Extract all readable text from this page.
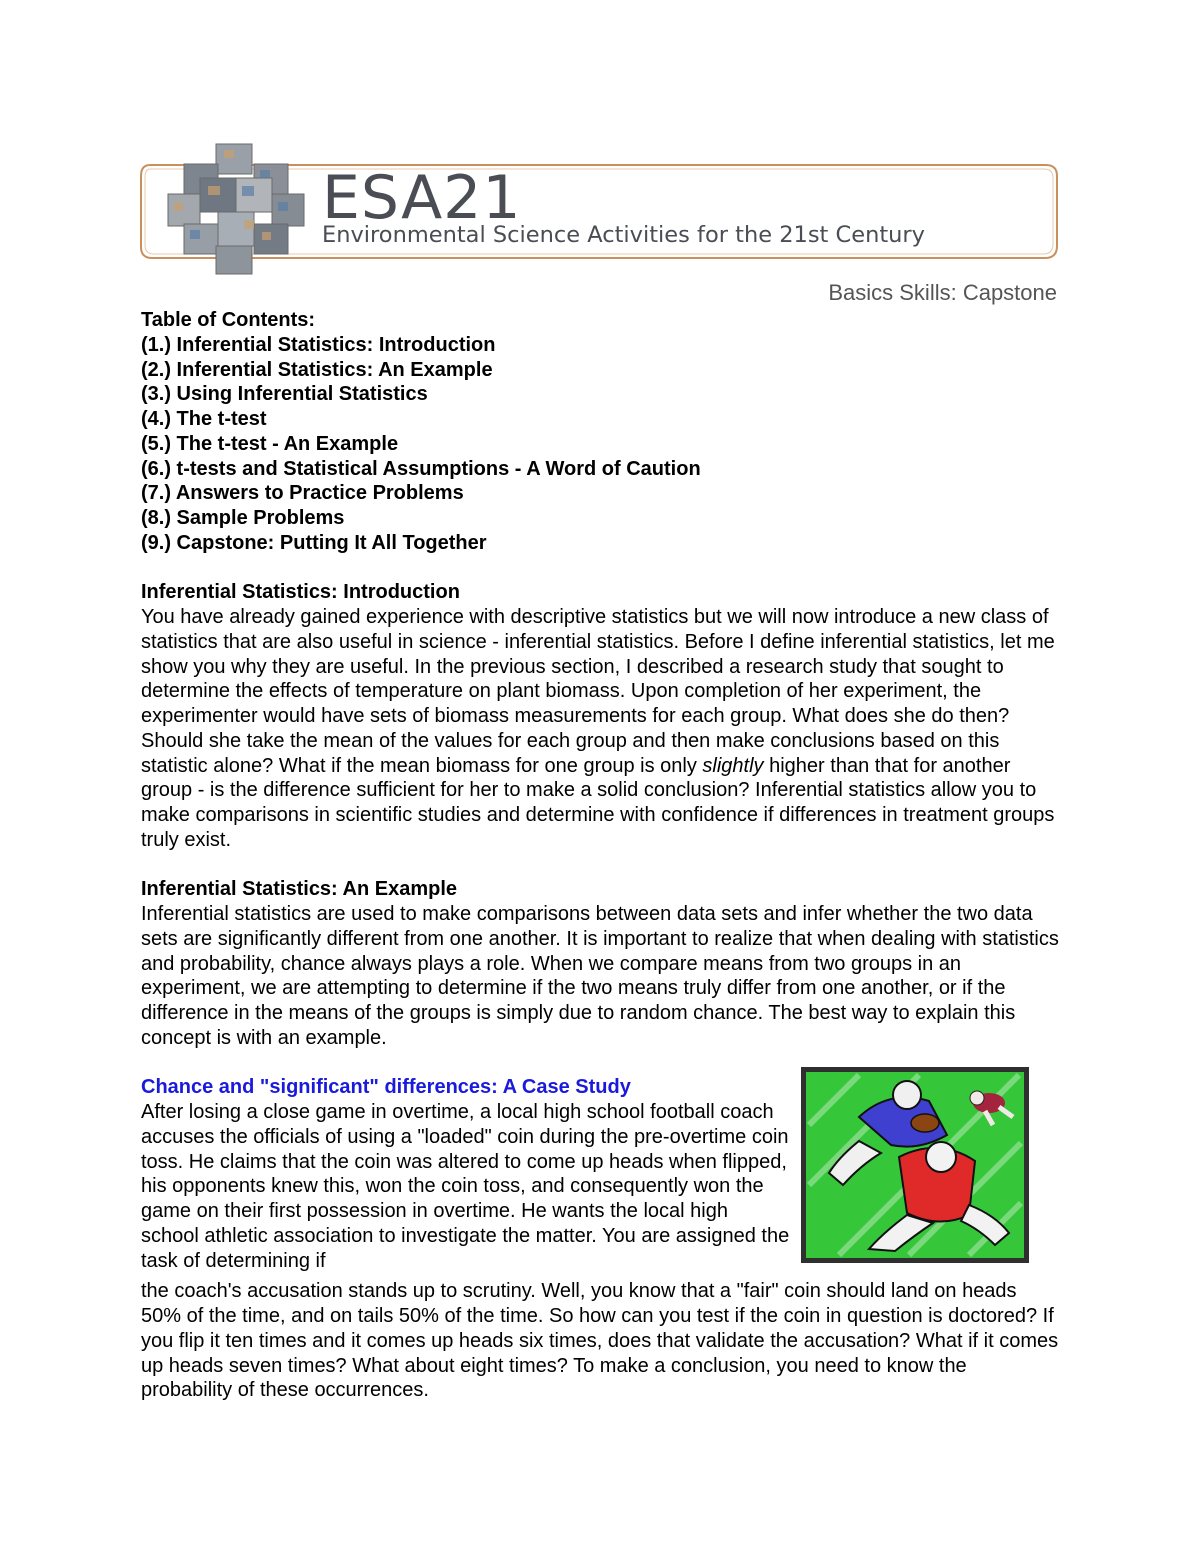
ESA21
Environmental Science Activities for the 21st Century
Basics Skills: Capstone

Table of Contents:

(1.) Inferential Statistics: Introduction

(2.) Inferential Statistics: An Example

(3.) Using Inferential Statistics

(4.) The t-test

(5.) The t-test - An Example

(6.) t-tests and Statistical Assumptions - A Word of Caution

(7.) Answers to Practice Problems

(8.) Sample Problems

(9.) Capstone: Putting It All Together

Inferential Statistics: Introduction

You have already gained experience with descriptive statistics but we will now introduce a new class of statistics that are also useful in science - inferential statistics. Before I define inferential statistics, let me show you why they are useful. In the previous section, I described a research study that sought to determine the effects of temperature on plant biomass. Upon completion of her experiment, the experimenter would have sets of biomass measurements for each group. What does she do then? Should she take the mean of the values for each group and then make conclusions based on this statistic alone? What if the mean biomass for one group is only slightly higher than that for another group - is the difference sufficient for her to make a solid conclusion? Inferential statistics allow you to make comparisons in scientific studies and determine with confidence if differences in treatment groups truly exist.

Inferential Statistics: An Example

Inferential statistics are used to make comparisons between data sets and infer whether the two data sets are significantly different from one another. It is important to realize that when dealing with statistics and probability, chance always plays a role. When we compare means from two groups in an experiment, we are attempting to determine if the two means truly differ from one another, or if the difference in the means of the groups is simply due to random chance. The best way to explain this concept is with an example.

Chance and "significant" differences: A Case Study

After losing a close game in overtime, a local high school football coach accuses the officials of using a "loaded" coin during the pre-overtime coin toss. He claims that the coin was altered to come up heads when flipped, his opponents knew this, won the coin toss, and consequently won the game on their first possession in overtime. He wants the local high school athletic association to investigate the matter. You are assigned the task of determining if

the coach's accusation stands up to scrutiny. Well, you know that a "fair" coin should land on heads 50% of the time, and on tails 50% of the time. So how can you test if the coin in question is doctored? If you flip it ten times and it comes up heads six times, does that validate the accusation? What if it comes up heads seven times? What about eight times? To make a conclusion, you need to know the probability of these occurrences.
